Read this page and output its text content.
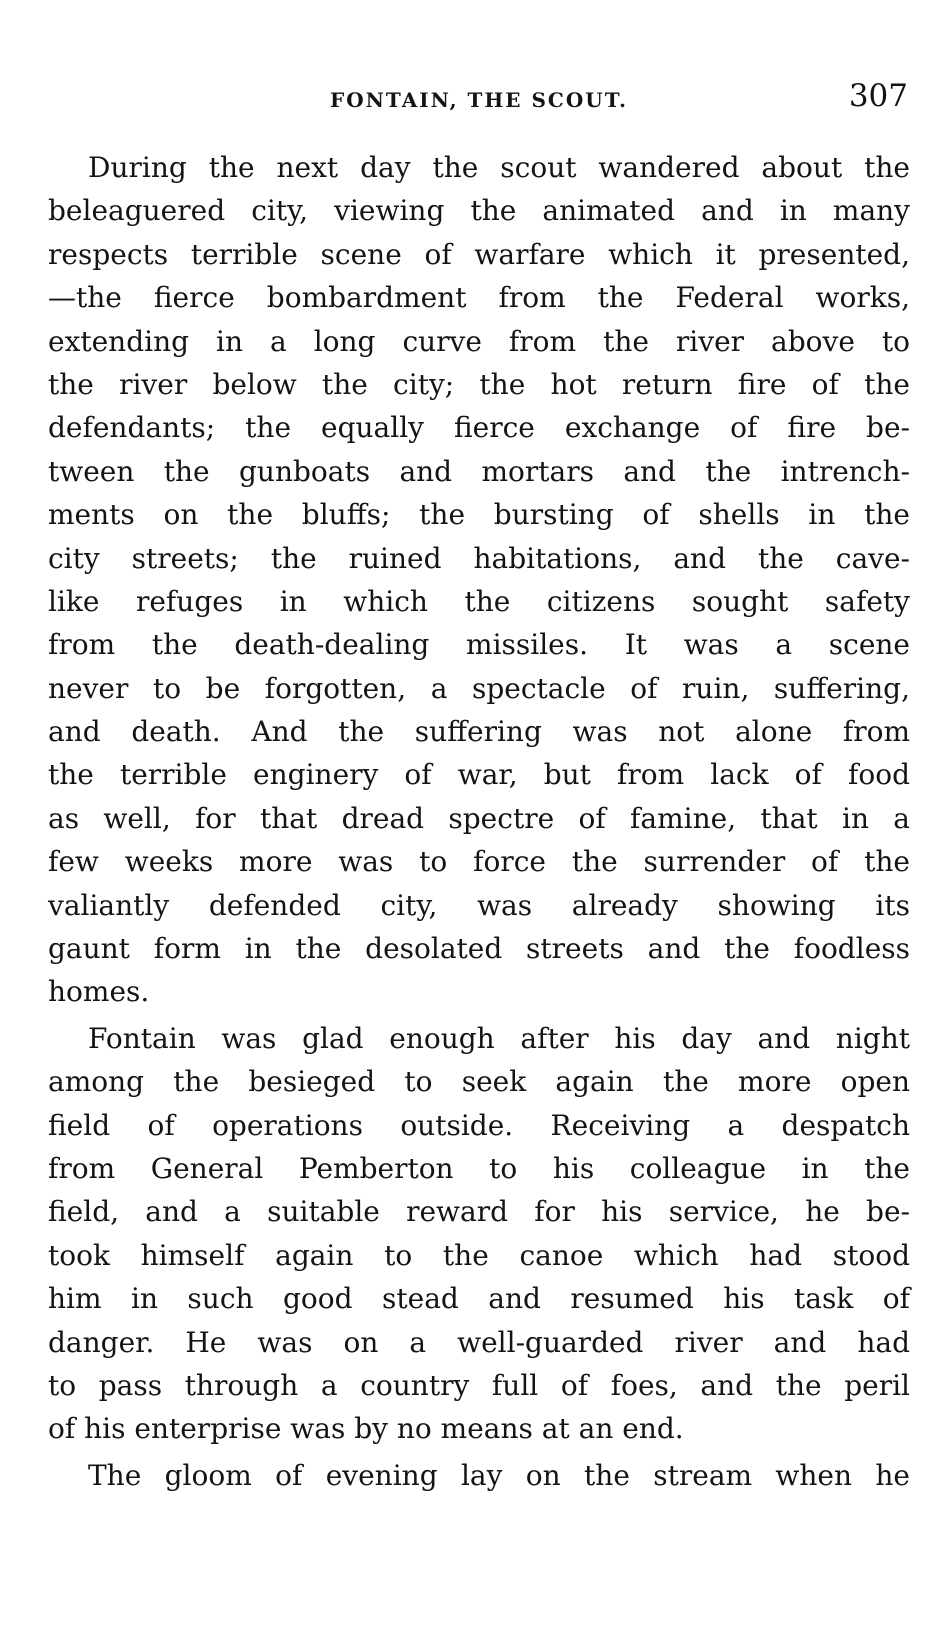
FONTAIN, THE SCOUT.	307

During the next day the scout wandered about the
beleaguered city, viewing the animated and in many
respects terrible scene of warfare which it presented,
—the fierce bombardment from the Federal works,
extending in a long curve from the river above to
the river below the city; the hot return fire of the
defendants; the equally fierce exchange of fire be-
tween the gunboats and mortars and the intrench-
ments on the bluffs; the bursting of shells in the
city streets; the ruined habitations, and the cave-
like refuges in which the citizens sought safety
from the death-dealing missiles. It was a scene
never to be forgotten, a spectacle of ruin, suffering,
and death. And the suffering was not alone from
the terrible enginery of war, but from lack of food
as well, for that dread spectre of famine, that in a
few weeks more was to force the surrender of the
valiantly defended city, was already showing its
gaunt form in the desolated streets and the foodless
homes.

Fontain was glad enough after his day and night
among the besieged to seek again the more open
field of operations outside. Receiving a despatch
from General Pemberton to his colleague in the
field, and a suitable reward for his service, he be-
took himself again to the canoe which had stood
him in such good stead and resumed his task of
danger. He was on a well-guarded river and had
to pass through a country full of foes, and the peril
of his enterprise was by no means at an end.

The gloom of evening lay on the stream when he
